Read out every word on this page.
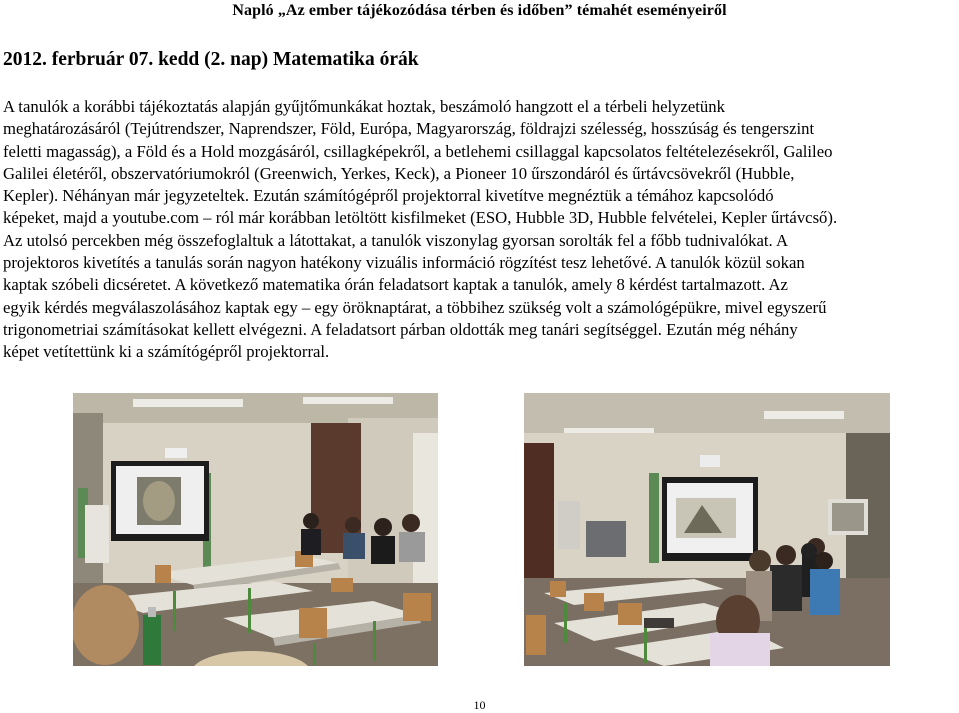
Napló „Az ember tájékozódása térben és időben” témahét eseményeiről
2012. ferbruár 07. kedd (2. nap) Matematika órák
A tanulók a korábbi tájékoztatás alapján gyűjtőmunkákat hoztak, beszámoló hangzott el a térbeli helyzetünk
meghatározásáról (Tejútrendszer, Naprendszer, Föld, Európa, Magyarország, földrajzi szélesség, hosszúság és tengerszint
feletti magasság), a Föld és a Hold mozgásáról, csillagképekről, a betlehemi csillaggal kapcsolatos feltételezésekről, Galileo
Galilei életéről, obszervatóriumokról (Greenwich, Yerkes, Keck), a Pioneer 10 űrszondáról és űrtávcsövekről (Hubble,
Kepler). Néhányan már jegyzeteltek. Ezután számítógépről projektorral kivetítve megnéztük a témához kapcsolódó
képeket, majd a youtube.com – ról már korábban letöltött kisfilmeket (ESO, Hubble 3D, Hubble felvételei, Kepler űrtávcső).
Az utolsó percekben még összefoglaltuk a látottakat, a tanulók viszonylag gyorsan sorolták fel a főbb tudnivalókat. A
projektoros kivetítés a tanulás során nagyon hatékony vizuális információ rögzítést tesz lehetővé. A tanulók közül sokan
kaptak szóbeli dicséretet. A következő matematika órán feladatsort kaptak a tanulók, amely 8 kérdést tartalmazott. Az
egyik kérdés megválaszolásához kaptak egy – egy öröknaptárat, a többihez szükség volt a számológépükre, mivel egyszerű
trigonometriai számításokat kellett elvégezni. A feladatsort párban oldották meg tanári segítséggel. Ezután még néhány
képet vetítettünk ki a számítógépről projektorral.
10
